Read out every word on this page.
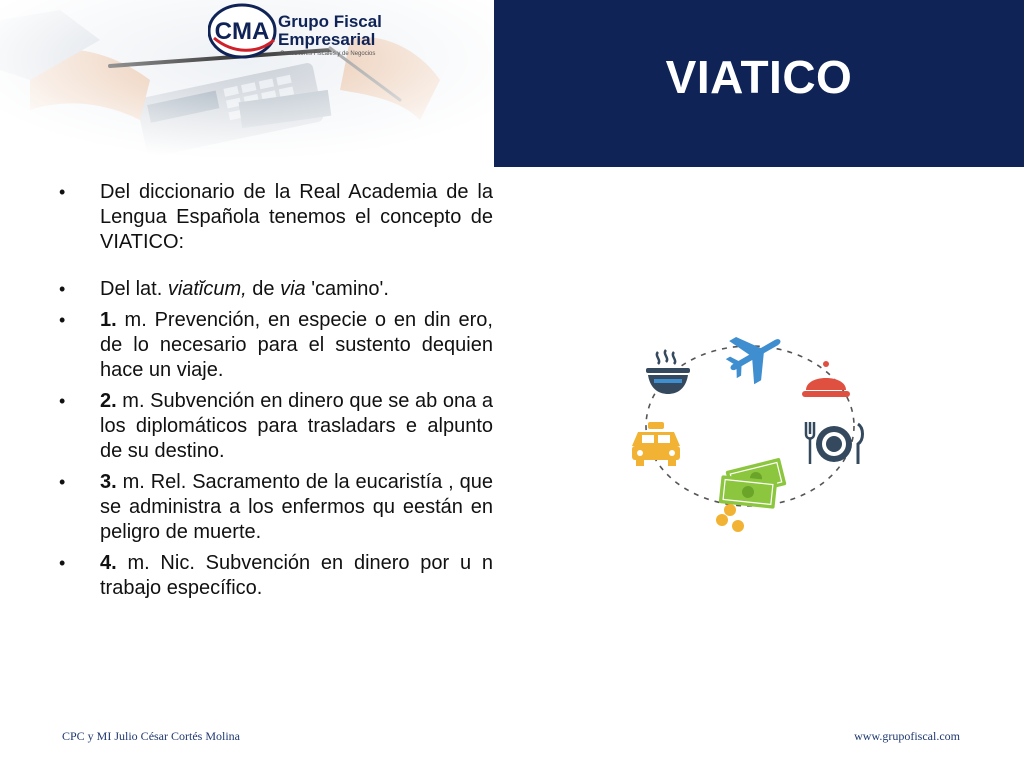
CMA Grupo Fiscal
Empresarial
Consultores Fiscales y de Negocios	VIATICO
• Del diccionario de la Real Academia de la Lengua Española tenemos el concepto de VIATICO:
• Del lat. viatĭcum, de via 'camino'.
• 1. m. Prevención, en especie o en din ero, de lo necesario para el sustento dequien hace un viaje.
• 2. m. Subvención en dinero que se ab ona a los diplomáticos para trasladars e alpunto de su destino.
• 3. m. Rel. Sacramento de la eucaristía , que se administra a los enfermos qu eestán en peligro de muerte.
• 4. m. Nic. Subvención en dinero por u n trabajo específico.
CPC y MI Julio César Cortés Molina	www.grupofiscal.com
